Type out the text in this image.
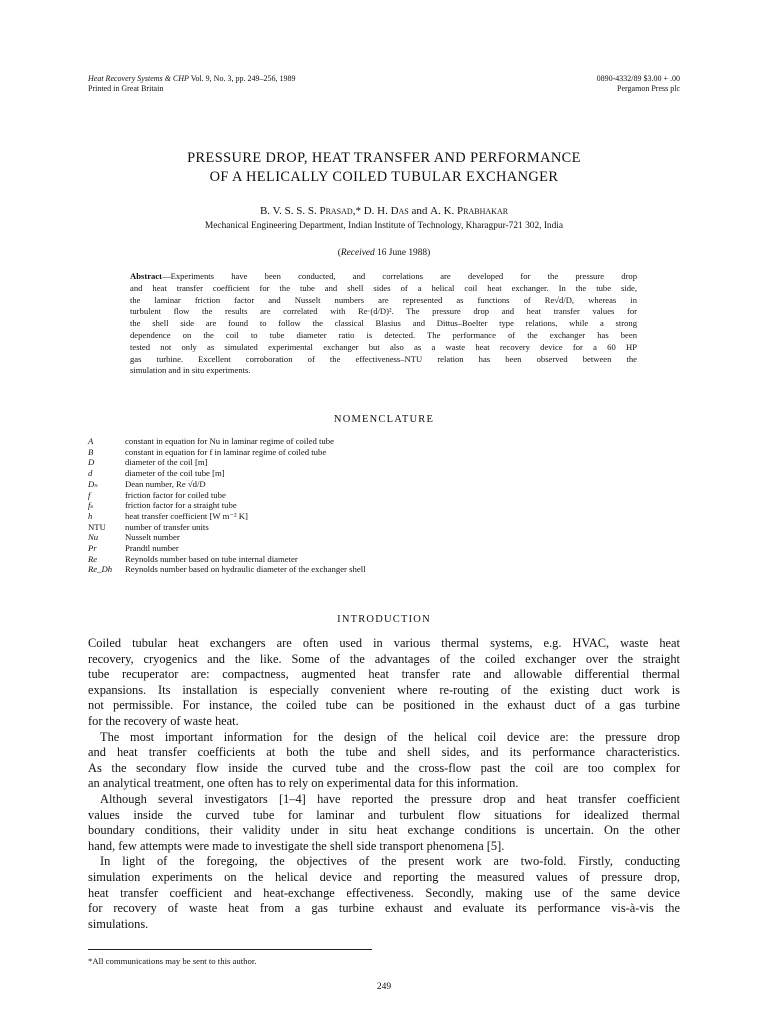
Heat Recovery Systems & CHP Vol. 9, No. 3, pp. 249–256, 1989
Printed in Great Britain
0890-4332/89 $3.00 + .00
Pergamon Press plc
PRESSURE DROP, HEAT TRANSFER AND PERFORMANCE
OF A HELICALLY COILED TUBULAR EXCHANGER
B. V. S. S. S. Prasad,* D. H. Das and A. K. Prabhakar
Mechanical Engineering Department, Indian Institute of Technology, Kharagpur-721 302, India
(Received 16 June 1988)
Abstract—Experiments have been conducted, and correlations are developed for the pressure drop
and heat transfer coefficient for the tube and shell sides of a helical coil heat exchanger. In the tube side,
the laminar friction factor and Nusselt numbers are represented as functions of Re√d/D, whereas in
turbulent flow the results are correlated with Re·(d/D)². The pressure drop and heat transfer values for
the shell side are found to follow the classical Blasius and Dittus–Boelter type relations, while a strong
dependence on the coil to tube diameter ratio is detected. The performance of the exchanger has been
tested not only as simulated experimental exchanger but also as a waste heat recovery device for a 60 HP
gas turbine. Excellent corroboration of the effectiveness–NTU relation has been observed between the
simulation and in situ experiments.
NOMENCLATURE
A	constant in equation for Nu in laminar regime of coiled tube
B	constant in equation for f in laminar regime of coiled tube
D	diameter of the coil [m]
d	diameter of the coil tube [m]
Dₙ	Dean number, Re √d/D
f	friction factor for coiled tube
fₛ	friction factor for a straight tube
h	heat transfer coefficient [W m⁻² K]
NTU	number of transfer units
Nu	Nusselt number
Pr	Prandtl number
Re	Reynolds number based on tube internal diameter
Re_Dh	Reynolds number based on hydraulic diameter of the exchanger shell
INTRODUCTION
Coiled tubular heat exchangers are often used in various thermal systems, e.g. HVAC, waste heat
recovery, cryogenics and the like. Some of the advantages of the coiled exchanger over the straight
tube recuperator are: compactness, augmented heat transfer rate and allowable differential thermal
expansions. Its installation is especially convenient where re-routing of the existing duct work is
not permissible. For instance, the coiled tube can be positioned in the exhaust duct of a gas turbine
for the recovery of waste heat.
The most important information for the design of the helical coil device are: the pressure drop
and heat transfer coefficients at both the tube and shell sides, and its performance characteristics.
As the secondary flow inside the curved tube and the cross-flow past the coil are too complex for
an analytical treatment, one often has to rely on experimental data for this information.
Although several investigators [1–4] have reported the pressure drop and heat transfer coefficient
values inside the curved tube for laminar and turbulent flow situations for idealized thermal
boundary conditions, their validity under in situ heat exchange conditions is uncertain. On the other
hand, few attempts were made to investigate the shell side transport phenomena [5].
In light of the foregoing, the objectives of the present work are two-fold. Firstly, conducting
simulation experiments on the helical device and reporting the measured values of pressure drop,
heat transfer coefficient and heat-exchange effectiveness. Secondly, making use of the same device
for recovery of waste heat from a gas turbine exhaust and evaluate its performance vis-à-vis the
simulations.
*All communications may be sent to this author.
249
